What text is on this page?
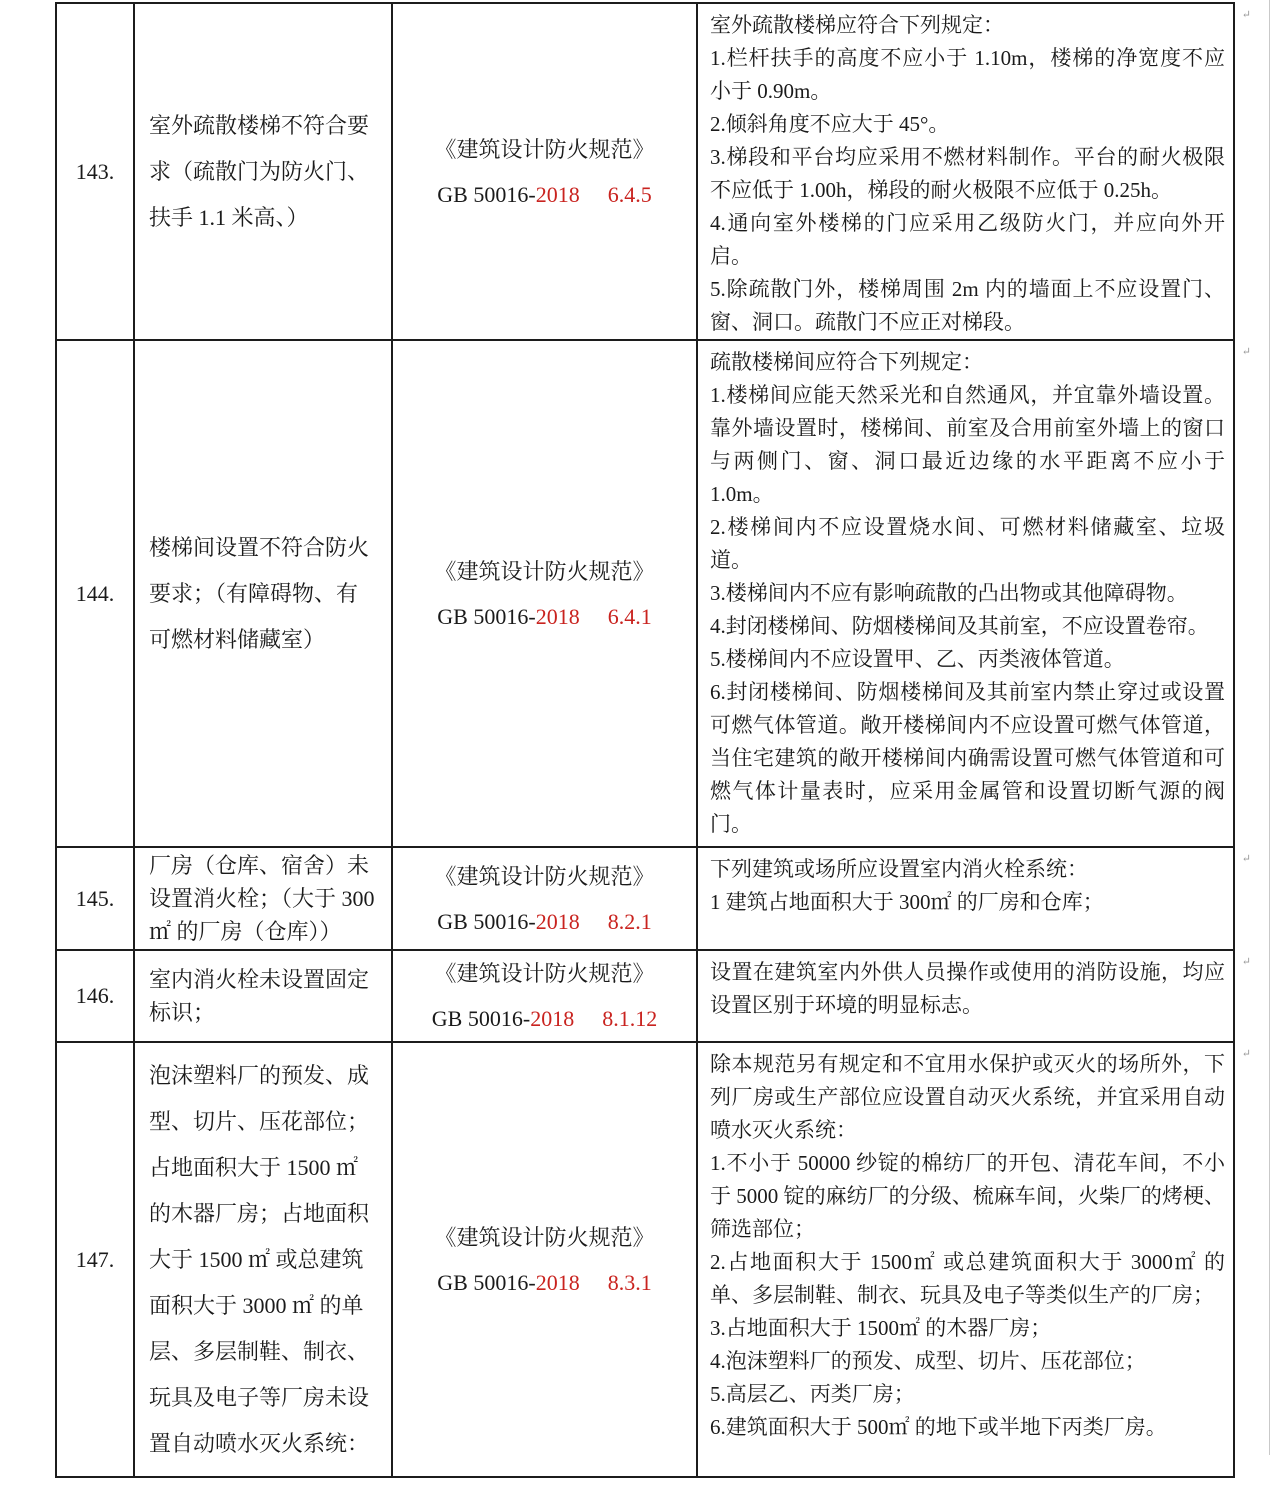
143.	室外疏散楼梯不符合要求（疏散门为防火门、扶手 1.1 米高、）	
《建筑设计防火规范》
GB 50016-2018 6.4.5

↵
室外疏散楼梯应符合下列规定：
1.栏杆扶手的高度不应小于 1.10m，楼梯的净宽度不应小于 0.90m。
2.倾斜角度不应大于 45°。
3.梯段和平台均应采用不燃材料制作。平台的耐火极限不应低于 1.00h，梯段的耐火极限不应低于 0.25h。
4.通向室外楼梯的门应采用乙级防火门，并应向外开启。
5.除疏散门外，楼梯周围 2m 内的墙面上不应设置门、窗、洞口。疏散门不应正对梯段。

144.	楼梯间设置不符合防火要求；（有障碍物、有可燃材料储藏室）	
《建筑设计防火规范》
GB 50016-2018 6.4.1

↵
疏散楼梯间应符合下列规定：
1.楼梯间应能天然采光和自然通风，并宜靠外墙设置。靠外墙设置时，楼梯间、前室及合用前室外墙上的窗口与两侧门、窗、洞口最近边缘的水平距离不应小于 1.0m。
2.楼梯间内不应设置烧水间、可燃材料储藏室、垃圾道。
3.楼梯间内不应有影响疏散的凸出物或其他障碍物。
4.封闭楼梯间、防烟楼梯间及其前室，不应设置卷帘。
5.楼梯间内不应设置甲、乙、丙类液体管道。
6.封闭楼梯间、防烟楼梯间及其前室内禁止穿过或设置可燃气体管道。敞开楼梯间内不应设置可燃气体管道，当住宅建筑的敞开楼梯间内确需设置可燃气体管道和可燃气体计量表时，应采用金属管和设置切断气源的阀门。

145.	厂房（仓库、宿舍）未设置消火栓；（大于 300 ㎡ 的厂房（仓库））	
《建筑设计防火规范》
GB 50016-2018 8.2.1

↵
下列建筑或场所应设置室内消火栓系统：
1 建筑占地面积大于 300㎡ 的厂房和仓库；

146.	室内消火栓未设置固定标识；	
《建筑设计防火规范》
GB 50016-2018 8.1.12

↵
设置在建筑室内外供人员操作或使用的消防设施，均应设置区别于环境的明显标志。

147.	泡沫塑料厂的预发、成型、切片、压花部位；占地面积大于 1500 ㎡ 的木器厂房；占地面积大于 1500 ㎡ 或总建筑面积大于 3000 ㎡ 的单层、多层制鞋、制衣、玩具及电子等厂房未设置自动喷水灭火系统：	
《建筑设计防火规范》
GB 50016-2018 8.3.1

↵
除本规范另有规定和不宜用水保护或灭火的场所外，下列厂房或生产部位应设置自动灭火系统，并宜采用自动喷水灭火系统：
1.不小于 50000 纱锭的棉纺厂的开包、清花车间，不小于 5000 锭的麻纺厂的分级、梳麻车间，火柴厂的烤梗、筛选部位；
2.占地面积大于 1500㎡ 或总建筑面积大于 3000㎡ 的单、多层制鞋、制衣、玩具及电子等类似生产的厂房；
3.占地面积大于 1500㎡ 的木器厂房；
4.泡沫塑料厂的预发、成型、切片、压花部位；
5.高层乙、丙类厂房；
6.建筑面积大于 500㎡ 的地下或半地下丙类厂房。
